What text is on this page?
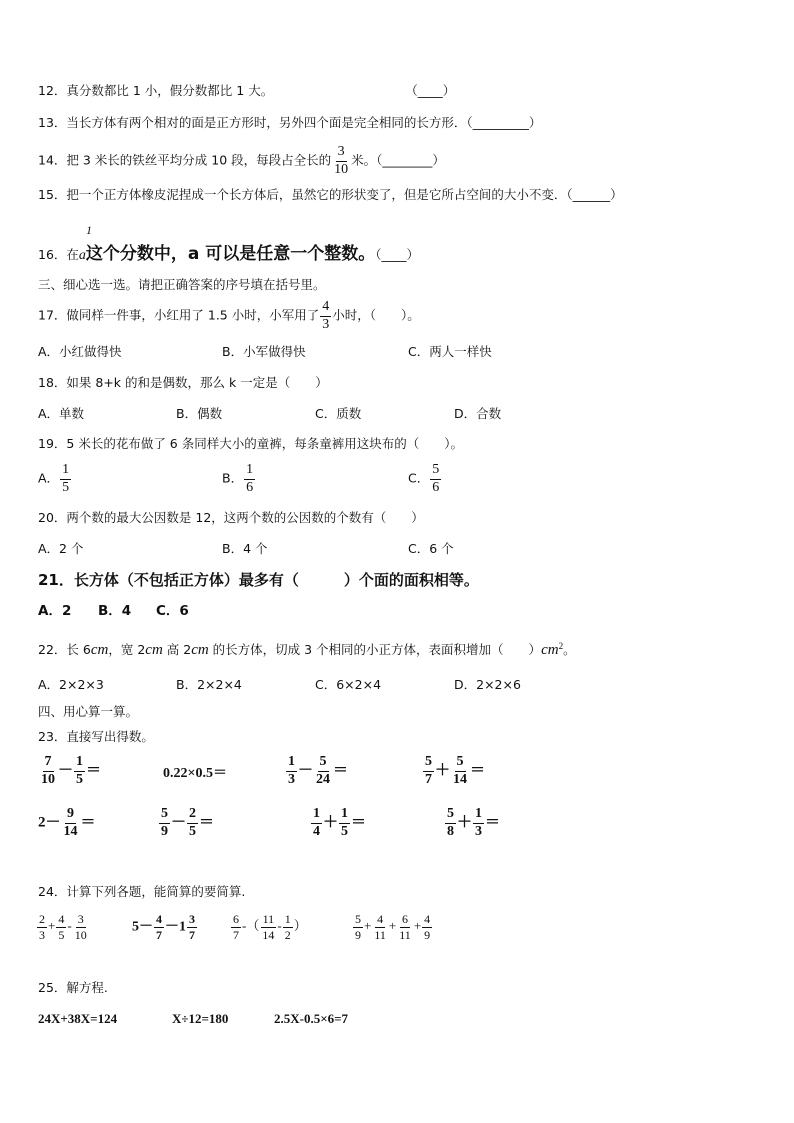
12．真分数都比 1 小，假分数都比 1 大。	（____）
13．当长方体有两个相对的面是正方形时，另外四个面是完全相同的长方形．（_________）
14．把 3 米长的铁丝平均分成 10 段，每段占全长的 $\frac{3}{10}$ 米。（________）
15．把一个正方体橡皮泥捏成一个长方体后，虽然它的形状变了，但是它所占空间的大小不变．（______）
1
16．在a这个分数中，a 可以是任意一个整数。（____）
三、细心选一选。请把正确答案的序号填在括号里。
17．做同样一件事，小红用了 1.5 小时，小军用了 $\frac{4}{3}$ 小时，（　　）。
A．小红做得快	B．小军做得快	C．两人一样快
18．如果 8+k 的和是偶数，那么 k 一定是（　　）
A．单数	B．偶数	C．质数	D．合数
19．5 米长的花布做了 6 条同样大小的童裤，每条童裤用这块布的（　　）。
A． $\frac{1}{5}$	B． $\frac{1}{6}$	C． $\frac{5}{6}$
20．两个数的最大公因数是 12，这两个数的公因数的个数有（　　）
A．2 个	B．4 个	C．6 个
21．长方体（不包括正方体）最多有（　　　）个面的面积相等。
A．2 B．4 C．6
22．长 6cm，宽 2cm 高 2cm 的长方体，切成 3 个相同的小正方体，表面积增加（　　）$cm^2$。
A．2×2×3	B．2×2×4	C．6×2×4	D．2×2×6
四、用心算一算。
23．直接写出得数。
$\frac{7}{10} - \frac{1}{5}$ ＝	0.22×0.5＝	$\frac{1}{3} - \frac{5}{24}$ ＝	$\frac{5}{7} + \frac{5}{14}$ ＝
$2- \frac{9}{14}$ ＝	$\frac{5}{9} - \frac{2}{5}$ ＝	$\frac{1}{4} + \frac{1}{5}$ ＝	$\frac{5}{8} + \frac{1}{3}$ ＝
24．计算下列各题，能简算的要简算.
$\frac{2}{3} + \frac{4}{5} - \frac{3}{10}$	$5- \frac{4}{7} -1 \frac{3}{7}$	$\frac{6}{7}$ -（ $\frac{11}{14} - \frac{1}{2}$ ）	$\frac{5}{9} + \frac{4}{11} + \frac{6}{11} + \frac{4}{9}$
25．解方程.
24X+38X=124	X÷12=180	2.5X-0.5×6=7
